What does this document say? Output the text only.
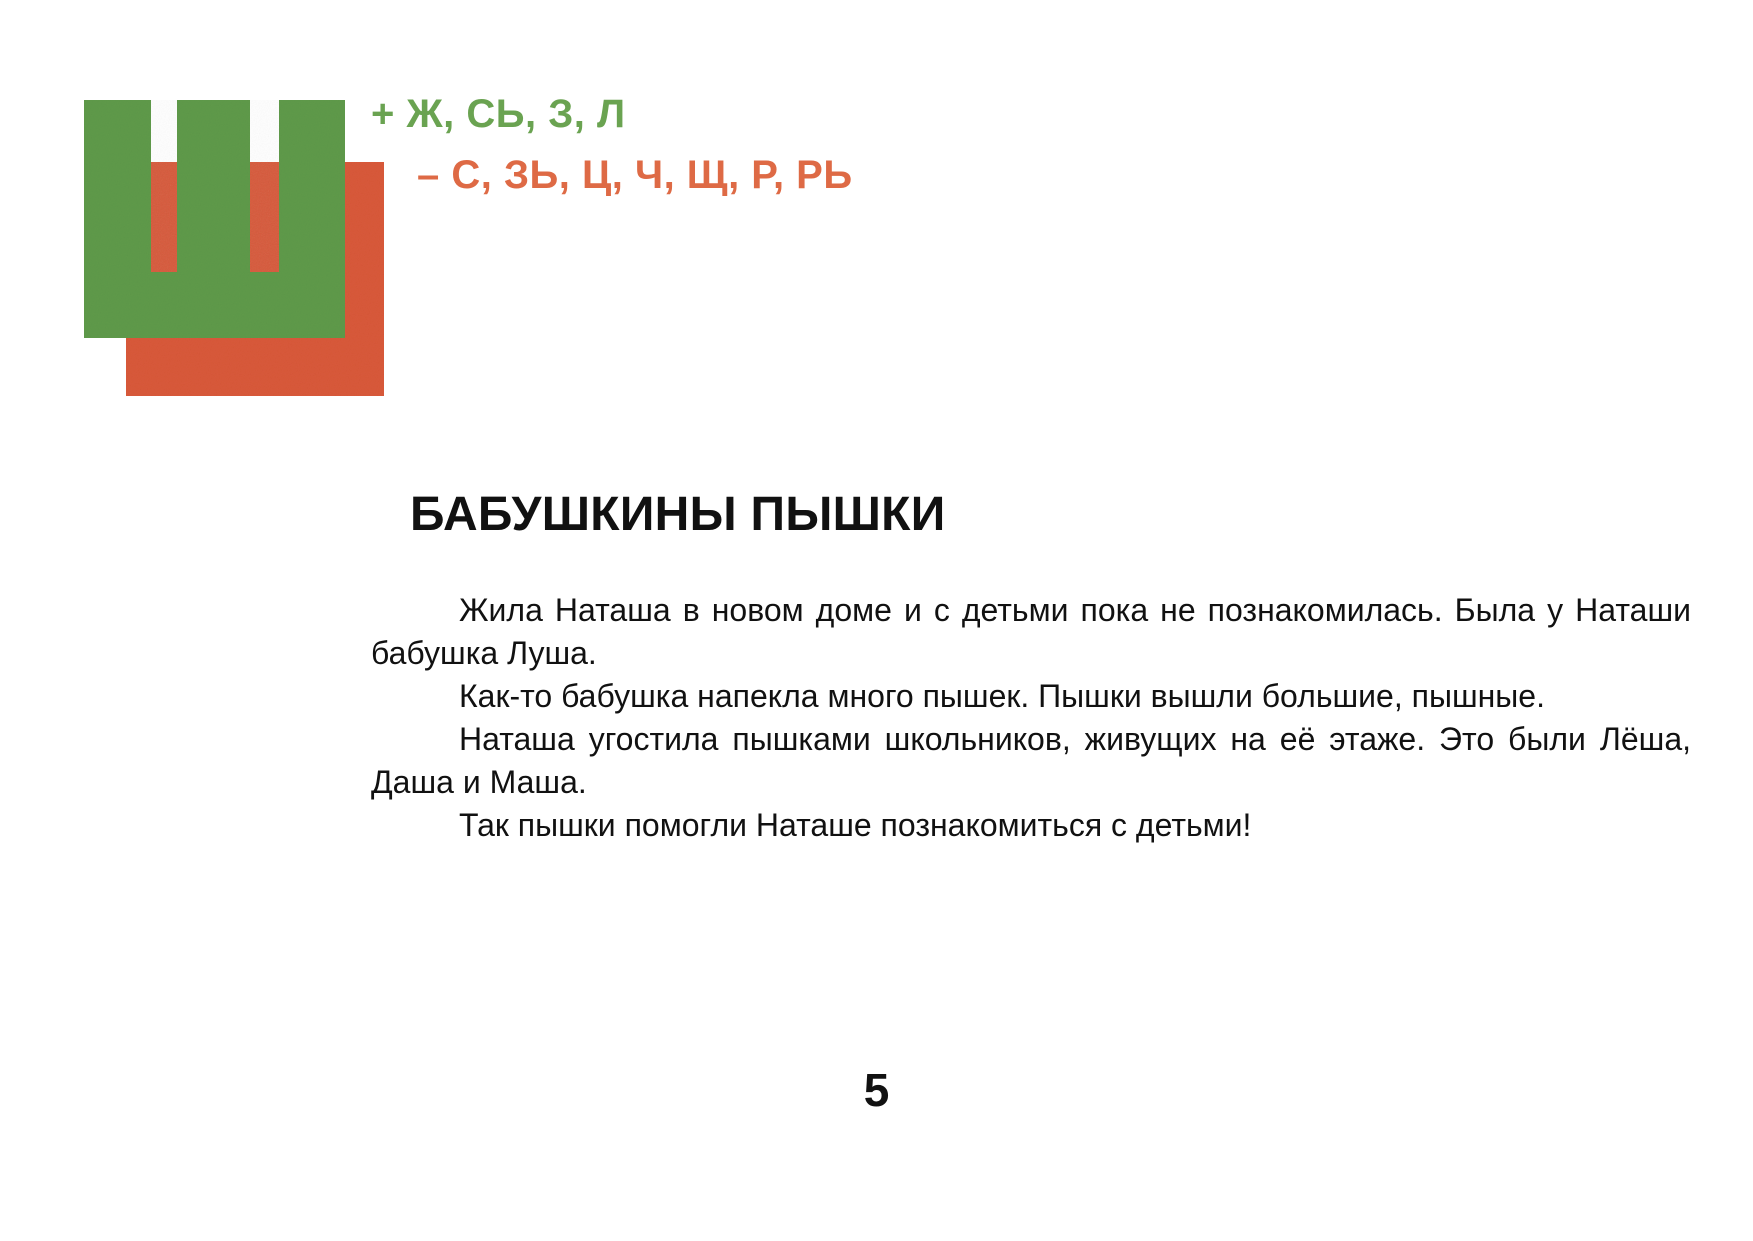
+ Ж, СЬ, З, Л
– С, ЗЬ, Ц, Ч, Щ, Р, РЬ
БАБУШКИНЫ ПЫШКИ

Жила Наташа в новом доме и с детьми пока не познакомилась. Была у Наташи бабушка Луша.

Как-то бабушка напекла много пышек. Пышки вышли большие, пышные.

Наташа угостила пышками школьников, живущих на её этаже. Это были Лёша, Даша и Маша.

Так пышки помогли Наташе познакомиться с детьми!

5
